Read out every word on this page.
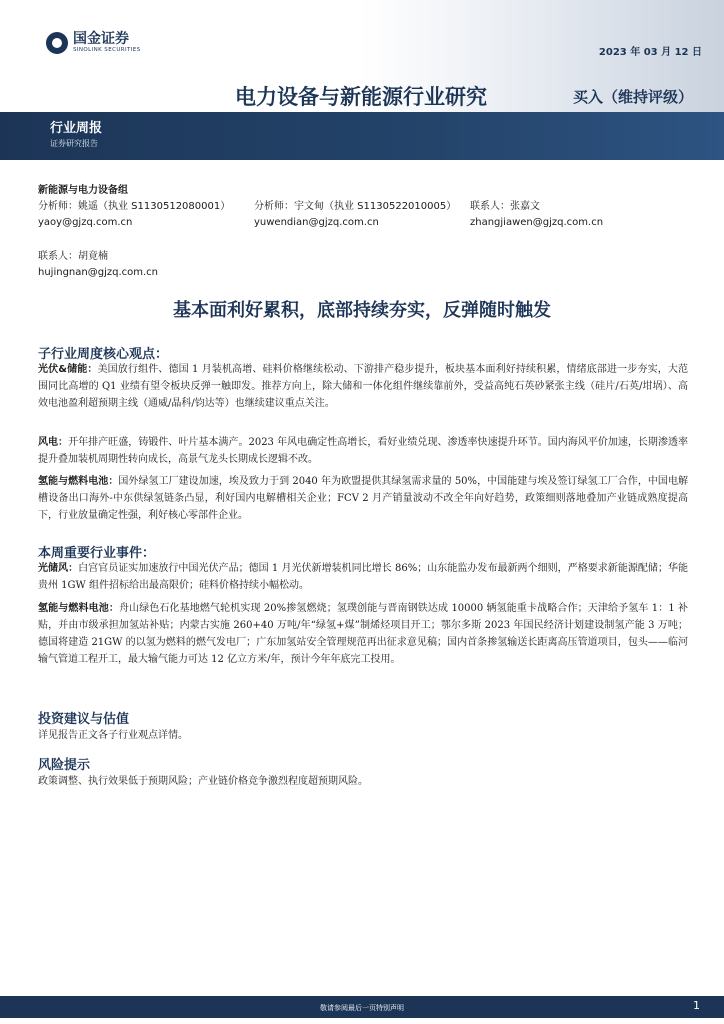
国金证券
SINOLINK SECURITIES	2023 年 03 月 12 日
电力设备与新能源行业研究	买入（维持评级）
行业周报
证券研究报告
新能源与电力设备组
分析师：姚遥（执业 S1130512080001） 分析师：宇文甸（执业 S1130522010005） 联系人：张嘉文
yaoy@gjzq.com.cn	yuwendian@gjzq.com.cn	zhangjiawen@gjzq.com.cn
联系人：胡竟楠
hujingnan@gjzq.com.cn
基本面利好累积，底部持续夯实，反弹随时触发
子行业周度核心观点：
光伏&储能：美国放行组件、德国 1 月装机高增、硅料价格继续松动、下游排产稳步提升，板块基本面利好持续积累，情绪底部进一步夯实，大范围同比高增的 Q1 业绩有望令板块反弹一触即发。推荐方向上，除大储和一体化组件继续靠前外，受益高纯石英砂紧张主线（硅片/石英/坩埚）、高效电池盈利超预期主线（通威/晶科/钧达等）也继续建议重点关注。
风电：开年排产旺盛，铸锻件、叶片基本满产。2023 年风电确定性高增长，看好业绩兑现、渗透率快速提升环节。国内海风平价加速，长期渗透率提升叠加装机周期性转向成长，高景气龙头长期成长逻辑不改。
氢能与燃料电池：国外绿氢工厂建设加速，埃及致力于到 2040 年为欧盟提供其绿氢需求量的 50%，中国能建与埃及签订绿氢工厂合作，中国电解槽设备出口海外-中东供绿氢链条凸显，利好国内电解槽相关企业；FCV 2 月产销量波动不改全年向好趋势，政策细则落地叠加产业链成熟度提高下，行业放量确定性强，利好核心零部件企业。
本周重要行业事件：
光储风：白宫官员证实加速放行中国光伏产品；德国 1 月光伏新增装机同比增长 86%；山东能监办发布最新两个细则，严格要求新能源配储；华能贵州 1GW 组件招标给出最高限价；硅料价格持续小幅松动。
氢能与燃料电池：舟山绿色石化基地燃气轮机实现 20%掺氢燃烧；氢璞创能与晋南钢铁达成 10000 辆氢能重卡战略合作；天津给予氢车 1：1 补贴，并由市级承担加氢站补贴；内蒙古实施 260+40 万吨/年“绿氢+煤”制烯烃项目开工；鄂尔多斯 2023 年国民经济计划建设制氢产能 3 万吨；德国将建造 21GW 的以氢为燃料的燃气发电厂；广东加氢站安全管理规范再出征求意见稿；国内首条掺氢输送长距离高压管道项目，包头——临河输气管道工程开工，最大输气能力可达 12 亿立方米/年，预计今年年底完工投用。
投资建议与估值
详见报告正文各子行业观点详情。
风险提示
政策调整、执行效果低于预期风险；产业链价格竞争激烈程度超预期风险。
敬请参阅最后一页特别声明	1
